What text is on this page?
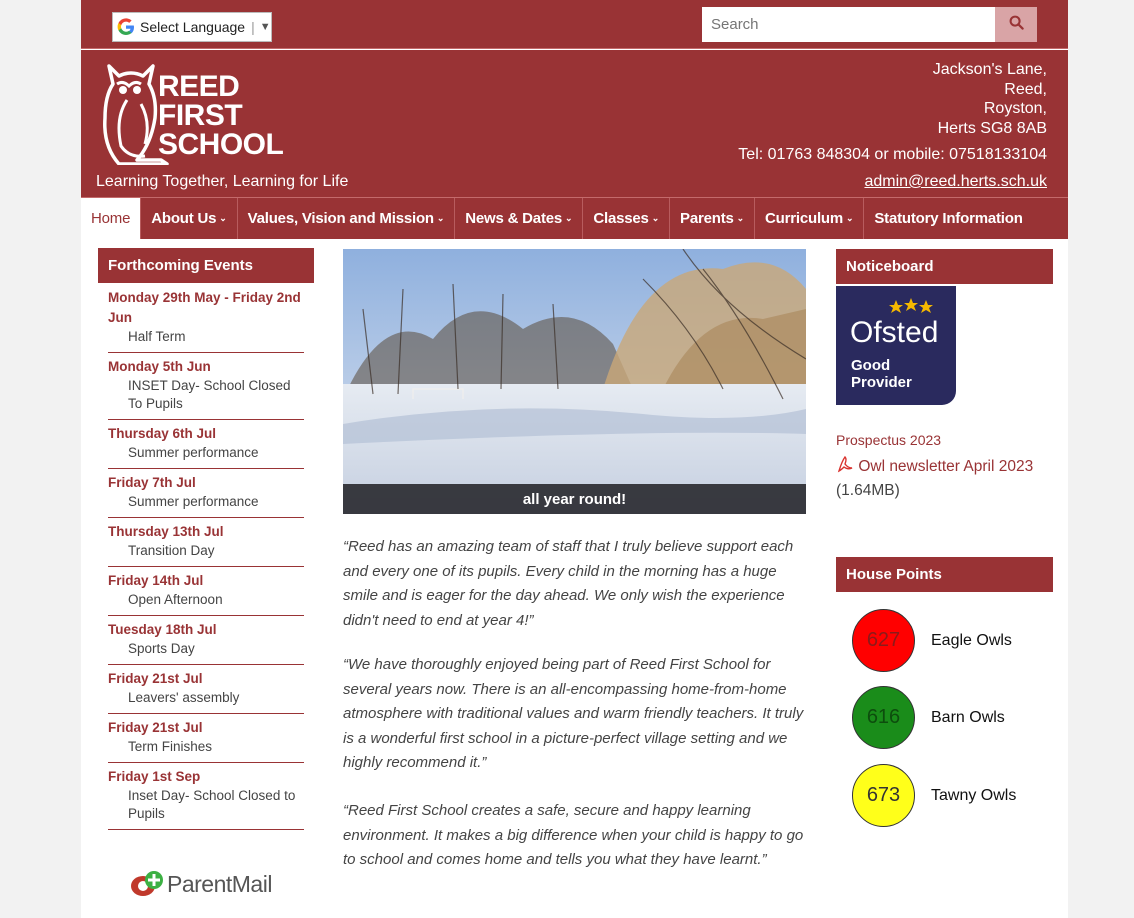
Select Language | ▼
Search
REED
FIRST
SCHOOL
Learning Together, Learning for Life
Jackson's Lane,
Reed,
Royston,
Herts SG8 8AB
Tel: 01763 848304 or mobile: 07518133104
admin@reed.herts.sch.uk
Home About Us ⌄ Values, Vision and Mission ⌄ News & Dates ⌄ Classes ⌄ Parents ⌄ Curriculum ⌄ Statutory Information
Forthcoming Events
Monday 29th May - Friday 2nd Jun
Half Term
Monday 5th Jun
INSET Day- School Closed To Pupils
Thursday 6th Jul
Summer performance
Friday 7th Jul
Summer performance
Thursday 13th Jul
Transition Day
Friday 14th Jul
Open Afternoon
Tuesday 18th Jul
Sports Day
Friday 21st Jul
Leavers' assembly
Friday 21st Jul
Term Finishes
Friday 1st Sep
Inset Day- School Closed to Pupils
ParentMail
all year round!
“Reed has an amazing team of staff that I truly believe support each and every one of its pupils. Every child in the morning has a huge smile and is eager for the day ahead. We only wish the experience didn't need to end at year 4!”
“We have thoroughly enjoyed being part of Reed First School for several years now. There is an all-encompassing home-from-home atmosphere with traditional values and warm friendly teachers. It truly is a wonderful first school in a picture-perfect village setting and we highly recommend it.”
“Reed First School creates a safe, secure and happy learning environment. It makes a big difference when your child is happy to go to school and comes home and tells you what they have learnt.”
Noticeboard
Ofsted
Good
Provider
Prospectus 2023
Owl newsletter April 2023
(1.64MB)
House Points
627	Eagle Owls
616	Barn Owls
673	Tawny Owls
